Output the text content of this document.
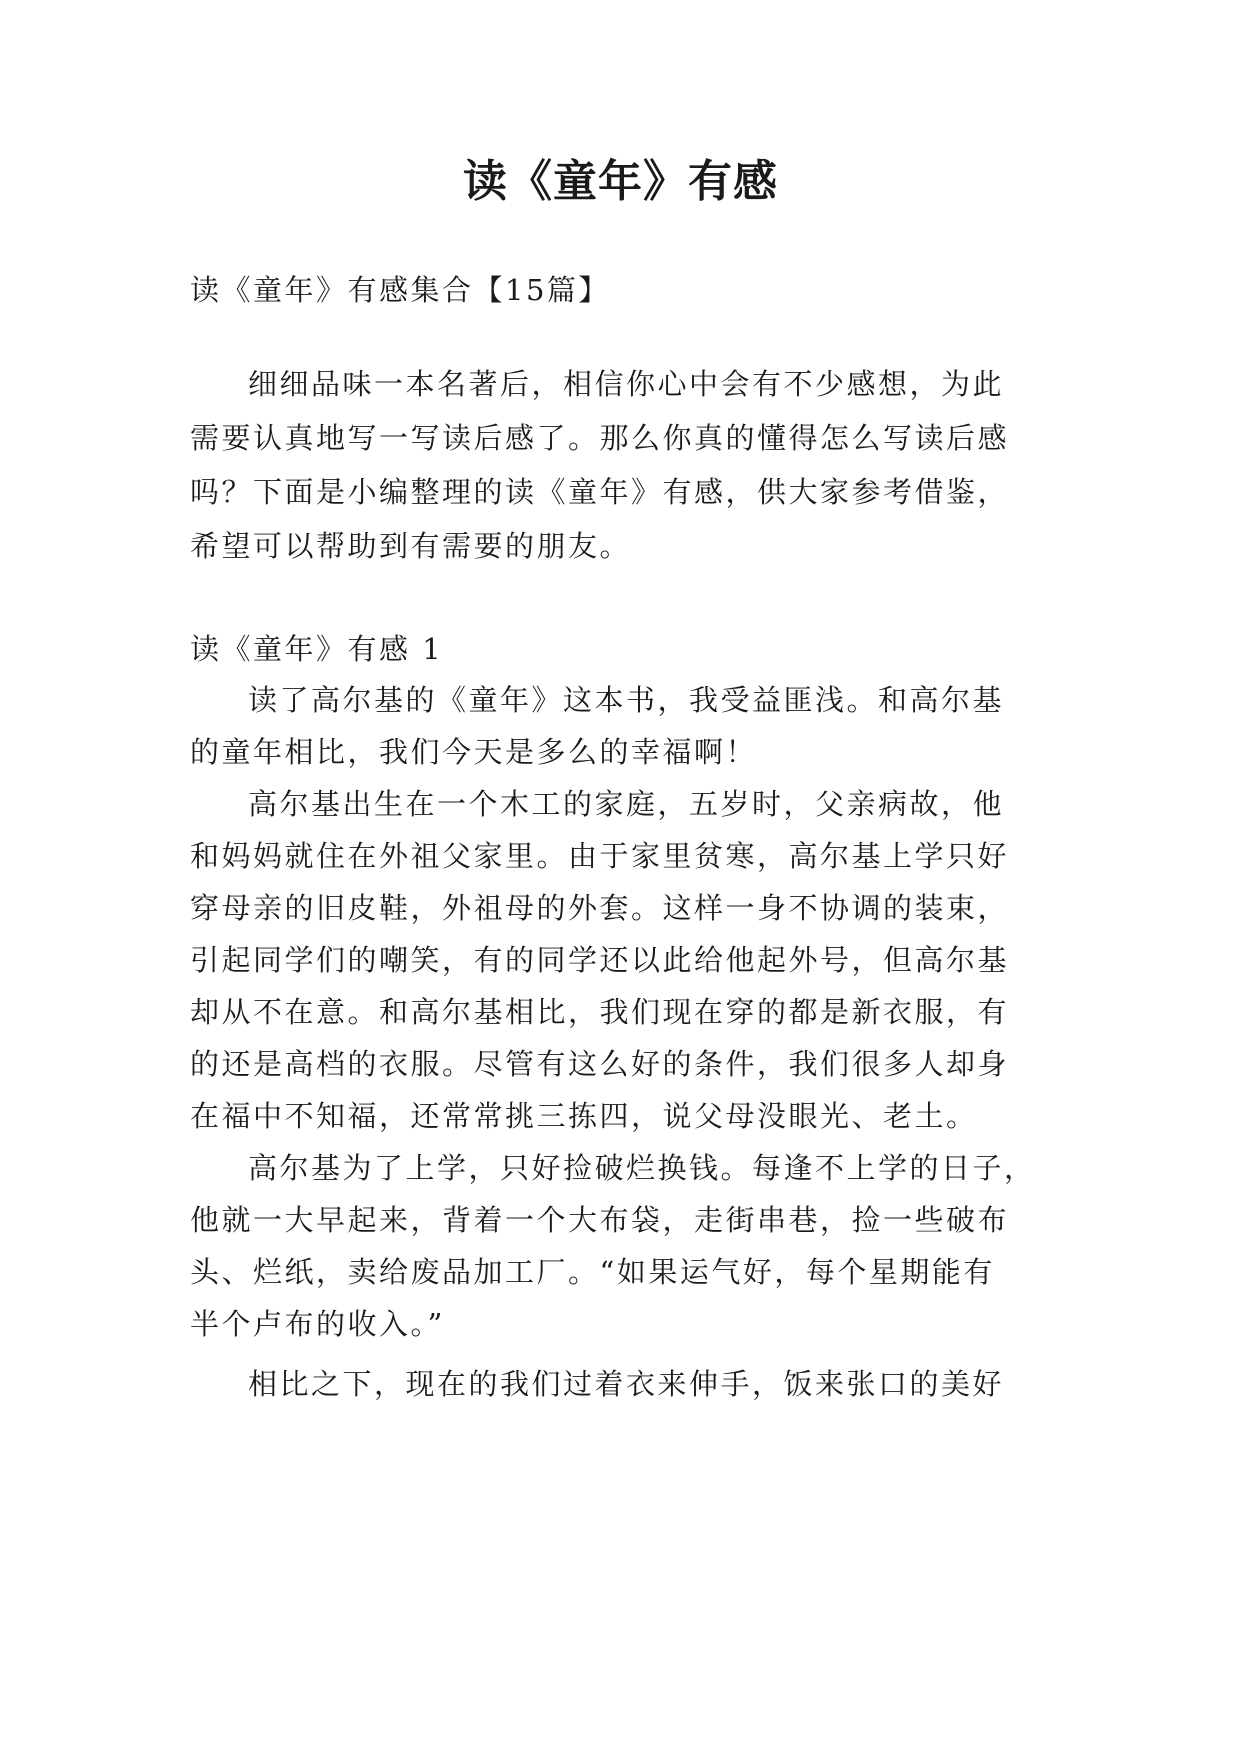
读《童年》有感

读《童年》有感集合【15篇】

细细品味一本名著后，相信你心中会有不少感想，为此

需要认真地写一写读后感了。那么你真的懂得怎么写读后感

吗？下面是小编整理的读《童年》有感，供大家参考借鉴，

希望可以帮助到有需要的朋友。

读《童年》有感 1

读了高尔基的《童年》这本书，我受益匪浅。和高尔基

的童年相比，我们今天是多么的幸福啊！

高尔基出生在一个木工的家庭，五岁时，父亲病故，他

和妈妈就住在外祖父家里。由于家里贫寒，高尔基上学只好

穿母亲的旧皮鞋，外祖母的外套。这样一身不协调的装束，

引起同学们的嘲笑，有的同学还以此给他起外号，但高尔基

却从不在意。和高尔基相比，我们现在穿的都是新衣服，有

的还是高档的衣服。尽管有这么好的条件，我们很多人却身

在福中不知福，还常常挑三拣四，说父母没眼光、老土。

高尔基为了上学，只好捡破烂换钱。每逢不上学的日子，

他就一大早起来，背着一个大布袋，走街串巷，捡一些破布

头、烂纸，卖给废品加工厂。“如果运气好，每个星期能有

半个卢布的收入。”

相比之下，现在的我们过着衣来伸手，饭来张口的美好
